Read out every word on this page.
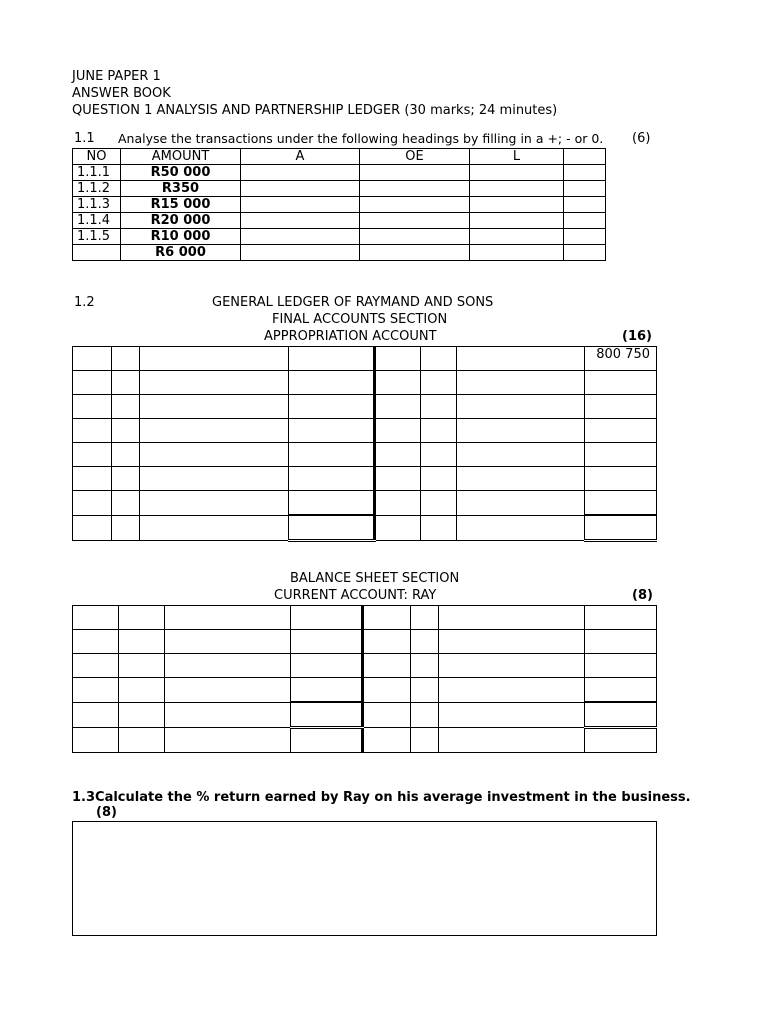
JUNE PAPER 1
ANSWER BOOK
QUESTION 1 ANALYSIS AND PARTNERSHIP LEDGER (30 marks; 24 minutes)
1.1 Analyse the transactions under the following headings by filling in a +; - or 0. (6)
NO	AMOUNT	A	OE	L	
1.1.1	R50 000				
1.1.2	R350				
1.1.3	R15 000				
1.1.4	R20 000				
1.1.5	R10 000				
	R6 000				
1.2	GENERAL LEDGER OF RAYMAND AND SONS
FINAL ACCOUNTS SECTION
APPROPRIATION ACCOUNT	(16)
							800 750

BALANCE SHEET SECTION
CURRENT ACCOUNT: RAY	(8)

1.3Calculate the % return earned by Ray on his average investment in the business.
(8)
